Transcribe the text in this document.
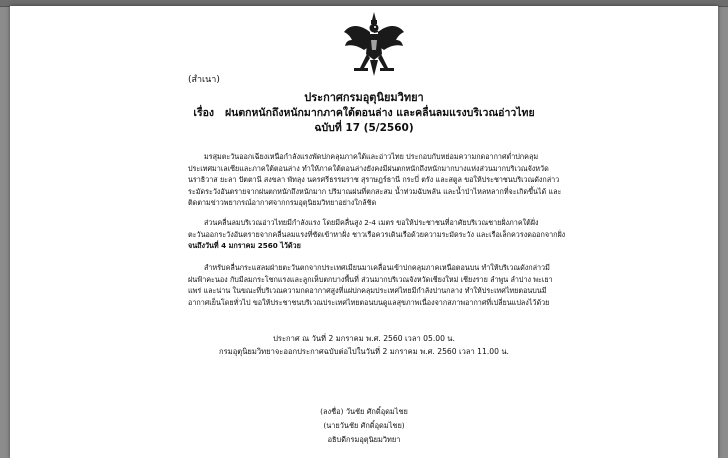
(สำเนา)
ประกาศกรมอุตุนิยมวิทยา
เรื่อง ฝนตกหนักถึงหนักมากภาคใต้ตอนล่าง และคลื่นลมแรงบริเวณอ่าวไทย
ฉบับที่ 17 (5/2560)

มรสุมตะวันออกเฉียงเหนือกำลังแรงพัดปกคลุมภาคใต้และอ่าวไทย ประกอบกับหย่อมความกดอากาศต่ำปกคลุม

ประเทศมาเลเซียและภาคใต้ตอนล่าง ทำให้ภาคใต้ตอนล่างยังคงมีฝนตกหนักถึงหนักมากบางแห่งส่วนมากบริเวณจังหวัด

นราธิวาส ยะลา ปัตตานี สงขลา พัทลุง นครศรีธรรมราช สุราษฎร์ธานี กระบี่ ตรัง และสตูล ขอให้ประชาชนบริเวณดังกล่าว

ระมัดระวังอันตรายจากฝนตกหนักถึงหนักมาก ปริมาณฝนที่ตกสะสม น้ำท่วมฉับพลัน และน้ำป่าไหลหลากที่จะเกิดขึ้นได้ และ

ติดตามข่าวพยากรณ์อากาศจากกรมอุตุนิยมวิทยาอย่างใกล้ชิด

ส่วนคลื่นลมบริเวณอ่าวไทยมีกำลังแรง โดยมีคลื่นสูง 2-4 เมตร ขอให้ประชาชนที่อาศัยบริเวณชายฝั่งภาคใต้ฝั่ง

ตะวันออกระวังอันตรายจากคลื่นลมแรงที่ซัดเข้าหาฝั่ง ชาวเรือควรเดินเรือด้วยความระมัดระวัง และเรือเล็กควรงดออกจากฝั่ง

จนถึงวันที่ 4 มกราคม 2560 ไว้ด้วย

สำหรับคลื่นกระแสลมฝ่ายตะวันตกจากประเทศเมียนมาเคลื่อนเข้าปกคลุมภาคเหนือตอนบน ทำให้บริเวณดังกล่าวมี

ฝนฟ้าคะนอง กับมีลมกระโชกแรงและลูกเห็บตกบางพื้นที่ ส่วนมากบริเวณจังหวัดเชียงใหม่ เชียงราย ลำพูน ลำปาง พะเยา

แพร่ และน่าน ในขณะที่บริเวณความกดอากาศสูงที่แผ่ปกคลุมประเทศไทยมีกำลังปานกลาง ทำให้ประเทศไทยตอนบนมี

อากาศเย็นโดยทั่วไป ขอให้ประชาชนบริเวณประเทศไทยตอนบนดูแลสุขภาพเนื่องจากสภาพอากาศที่เปลี่ยนแปลงไว้ด้วย

ประกาศ ณ วันที่ 2 มกราคม พ.ศ. 2560 เวลา 05.00 น.
กรมอุตุนิยมวิทยาจะออกประกาศฉบับต่อไปในวันที่ 2 มกราคม พ.ศ. 2560 เวลา 11.00 น.
(ลงชื่อ) วันชัย ศักดิ์อุดมไชย
(นายวันชัย ศักดิ์อุดมไชย)
อธิบดีกรมอุตุนิยมวิทยา
